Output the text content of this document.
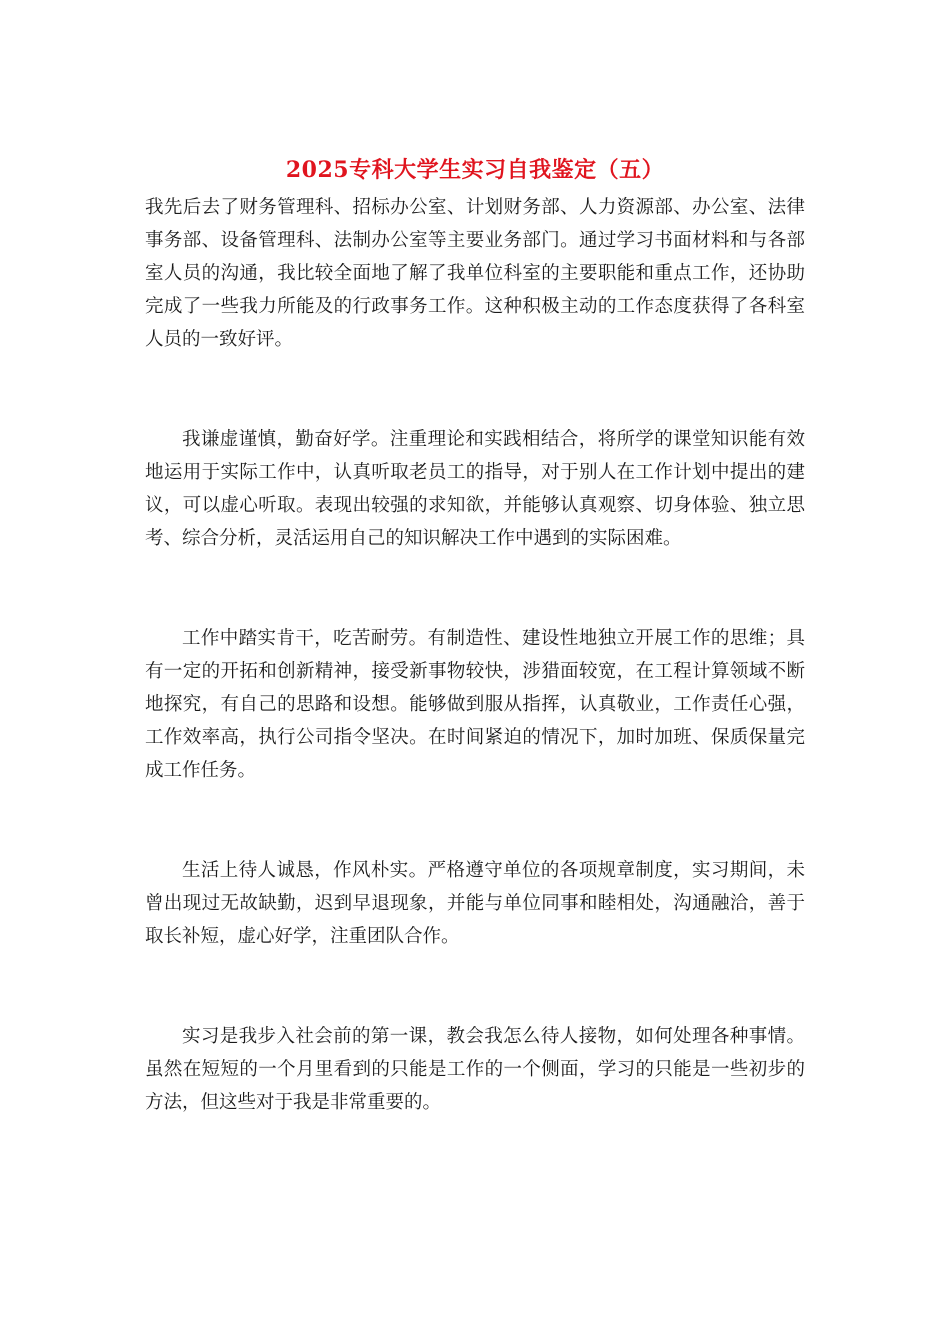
2025专科大学生实习自我鉴定（五）

我先后去了财务管理科、招标办公室、计划财务部、人力资源部、办公室、法律事务部、设备管理科、法制办公室等主要业务部门。通过学习书面材料和与各部室人员的沟通，我比较全面地了解了我单位科室的主要职能和重点工作，还协助完成了一些我力所能及的行政事务工作。这种积极主动的工作态度获得了各科室人员的一致好评。

我谦虚谨慎，勤奋好学。注重理论和实践相结合，将所学的课堂知识能有效地运用于实际工作中，认真听取老员工的指导，对于别人在工作计划中提出的建议，可以虚心听取。表现出较强的求知欲，并能够认真观察、切身体验、独立思考、综合分析，灵活运用自己的知识解决工作中遇到的实际困难。

工作中踏实肯干，吃苦耐劳。有制造性、建设性地独立开展工作的思维；具有一定的开拓和创新精神，接受新事物较快，涉猎面较宽，在工程计算领域不断地探究，有自己的思路和设想。能够做到服从指挥，认真敬业，工作责任心强，工作效率高，执行公司指令坚决。在时间紧迫的情况下，加时加班、保质保量完成工作任务。

生活上待人诚恳，作风朴实。严格遵守单位的各项规章制度，实习期间，未曾出现过无故缺勤，迟到早退现象，并能与单位同事和睦相处，沟通融洽，善于取长补短，虚心好学，注重团队合作。

实习是我步入社会前的第一课，教会我怎么待人接物，如何处理各种事情。虽然在短短的一个月里看到的只能是工作的一个侧面，学习的只能是一些初步的方法，但这些对于我是非常重要的。
